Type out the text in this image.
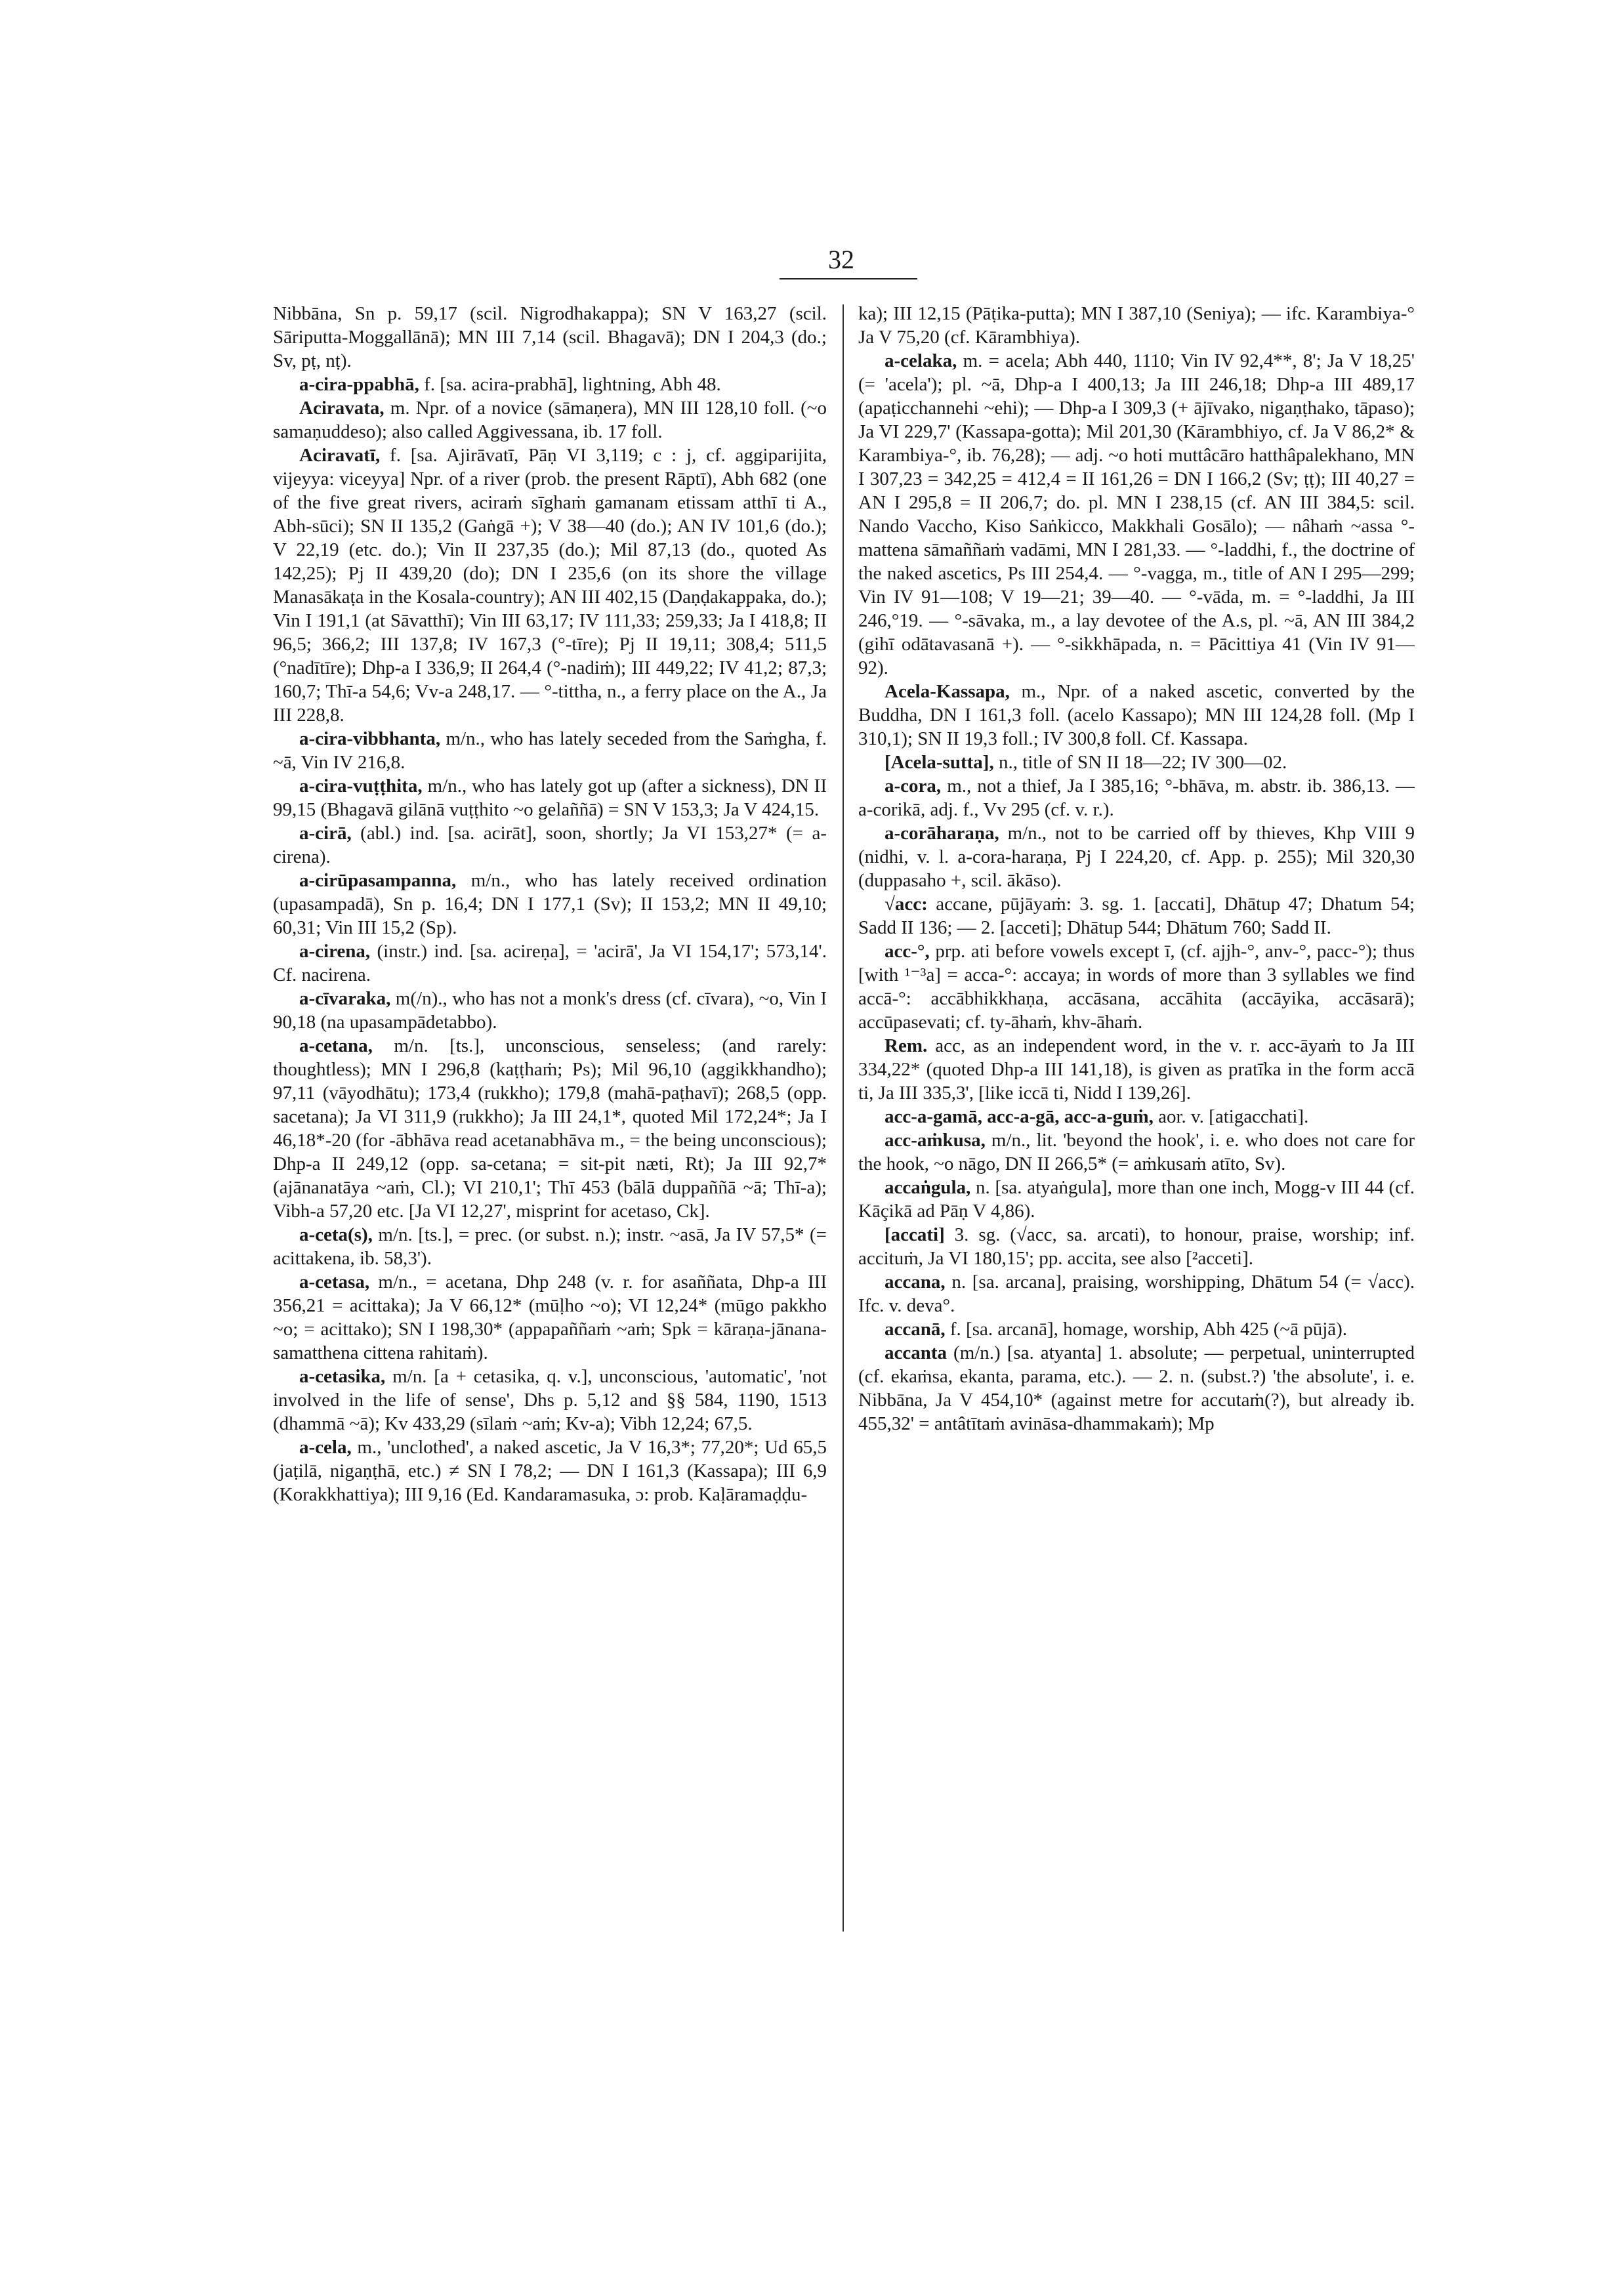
32

Nibbāna, Sn p. 59,17 (scil. Nigrodhakappa); SN V 163,27 (scil. Sāriputta-Moggallānā); MN III 7,14 (scil. Bhagavā); DN I 204,3 (do.; Sv, pṭ, nṭ).

a-cira-ppabhā, f. [sa. acira-prabhā], lightning, Abh 48.

Aciravata, m. Npr. of a novice (sāmaṇera), MN III 128,10 foll. (~o samaṇuddeso); also called Aggivessana, ib. 17 foll.

Aciravatī, f. [sa. Ajirāvatī, Pāṇ VI 3,119; c : j, cf. aggiparijita, vijeyya: viceyya] Npr. of a river (prob. the present Rāptī), Abh 682 (one of the five great rivers, aciraṁ sīghaṁ gamanam etissam atthī ti A., Abh-sūci); SN II 135,2 (Gaṅgā +); V 38—40 (do.); AN IV 101,6 (do.); V 22,19 (etc. do.); Vin II 237,35 (do.); Mil 87,13 (do., quoted As 142,25); Pj II 439,20 (do); DN I 235,6 (on its shore the village Manasākaṭa in the Kosala-country); AN III 402,15 (Daṇḍakappaka, do.); Vin I 191,1 (at Sāvatthī); Vin III 63,17; IV 111,33; 259,33; Ja I 418,8; II 96,5; 366,2; III 137,8; IV 167,3 (°-tīre); Pj II 19,11; 308,4; 511,5 (°nadītīre); Dhp-a I 336,9; II 264,4 (°-nadiṁ); III 449,22; IV 41,2; 87,3; 160,7; Thī-a 54,6; Vv-a 248,17. — °-tittha, n., a ferry place on the A., Ja III 228,8.

a-cira-vibbhanta, m/n., who has lately seceded from the Saṁgha, f. ~ā, Vin IV 216,8.

a-cira-vuṭṭhita, m/n., who has lately got up (after a sickness), DN II 99,15 (Bhagavā gilānā vuṭṭhito ~o gelaññā) = SN V 153,3; Ja V 424,15.

a-cirā, (abl.) ind. [sa. acirāt], soon, shortly; Ja VI 153,27* (= a-cirena).

a-cirūpasampanna, m/n., who has lately received ordination (upasampadā), Sn p. 16,4; DN I 177,1 (Sv); II 153,2; MN II 49,10; 60,31; Vin III 15,2 (Sp).

a-cirena, (instr.) ind. [sa. acireṇa], = 'acirā', Ja VI 154,17'; 573,14'. Cf. nacirena.

a-cīvaraka, m(/n)., who has not a monk's dress (cf. cīvara), ~o, Vin I 90,18 (na upasampādetabbo).

a-cetana, m/n. [ts.], unconscious, senseless; (and rarely: thoughtless); MN I 296,8 (kaṭṭhaṁ; Ps); Mil 96,10 (aggikkhandho); 97,11 (vāyodhātu); 173,4 (rukkho); 179,8 (mahā-paṭhavī); 268,5 (opp. sacetana); Ja VI 311,9 (rukkho); Ja III 24,1*, quoted Mil 172,24*; Ja I 46,18*-20 (for -ābhāva read acetanabhāva m., = the being unconscious); Dhp-a II 249,12 (opp. sa-cetana; = sit-pit næti, Rt); Ja III 92,7* (ajānanatāya ~aṁ, Cl.); VI 210,1'; Thī 453 (bālā duppaññā ~ā; Thī-a); Vibh-a 57,20 etc. [Ja VI 12,27', misprint for acetaso, Ck].

a-ceta(s), m/n. [ts.], = prec. (or subst. n.); instr. ~asā, Ja IV 57,5* (= acittakena, ib. 58,3').

a-cetasa, m/n., = acetana, Dhp 248 (v. r. for asaññata, Dhp-a III 356,21 = acittaka); Ja V 66,12* (mūḷho ~o); VI 12,24* (mūgo pakkho ~o; = acittako); SN I 198,30* (appapaññaṁ ~aṁ; Spk = kāraṇa-jānana-samatthena cittena rahitaṁ).

a-cetasika, m/n. [a + cetasika, q. v.], unconscious, 'automatic', 'not involved in the life of sense', Dhs p. 5,12 and §§ 584, 1190, 1513 (dhammā ~ā); Kv 433,29 (sīlaṁ ~aṁ; Kv-a); Vibh 12,24; 67,5.

a-cela, m., 'unclothed', a naked ascetic, Ja V 16,3*; 77,20*; Ud 65,5 (jaṭilā, nigaṇṭhā, etc.) ≠ SN I 78,2; — DN I 161,3 (Kassapa); III 6,9 (Korakkhattiya); III 9,16 (Ed. Kandaramasuka, ɔ: prob. Kaḷāramaḍḍu-

ka); III 12,15 (Pāṭika-putta); MN I 387,10 (Seniya); — ifc. Karambiya-° Ja V 75,20 (cf. Kārambhiya).

a-celaka, m. = acela; Abh 440, 1110; Vin IV 92,4**, 8'; Ja V 18,25' (= 'acela'); pl. ~ā, Dhp-a I 400,13; Ja III 246,18; Dhp-a III 489,17 (apaṭicchannehi ~ehi); — Dhp-a I 309,3 (+ ājīvako, nigaṇṭhako, tāpaso); Ja VI 229,7' (Kassapa-gotta); Mil 201,30 (Kārambhiyo, cf. Ja V 86,2* & Karambiya-°, ib. 76,28); — adj. ~o hoti muttâcāro hatthâpalekhano, MN I 307,23 = 342,25 = 412,4 = II 161,26 = DN I 166,2 (Sv; ṭṭ); III 40,27 = AN I 295,8 = II 206,7; do. pl. MN I 238,15 (cf. AN III 384,5: scil. Nando Vaccho, Kiso Saṅkicco, Makkhali Gosālo); — nâhaṁ ~assa °-mattena sāmaññaṁ vadāmi, MN I 281,33. — °-laddhi, f., the doctrine of the naked ascetics, Ps III 254,4. — °-vagga, m., title of AN I 295—299; Vin IV 91—108; V 19—21; 39—40. — °-vāda, m. = °-laddhi, Ja III 246,°19. — °-sāvaka, m., a lay devotee of the A.s, pl. ~ā, AN III 384,2 (gihī odātavasanā +). — °-sikkhāpada, n. = Pācittiya 41 (Vin IV 91—92).

Acela-Kassapa, m., Npr. of a naked ascetic, converted by the Buddha, DN I 161,3 foll. (acelo Kassapo); MN III 124,28 foll. (Mp I 310,1); SN II 19,3 foll.; IV 300,8 foll. Cf. Kassapa.

[Acela-sutta], n., title of SN II 18—22; IV 300—02.

a-cora, m., not a thief, Ja I 385,16; °-bhāva, m. abstr. ib. 386,13. — a-corikā, adj. f., Vv 295 (cf. v. r.).

a-corāharaṇa, m/n., not to be carried off by thieves, Khp VIII 9 (nidhi, v. l. a-cora-haraṇa, Pj I 224,20, cf. App. p. 255); Mil 320,30 (duppasaho +, scil. ākāso).

√acc: accane, pūjāyaṁ: 3. sg. 1. [accati], Dhātup 47; Dhatum 54; Sadd II 136; — 2. [acceti]; Dhātup 544; Dhātum 760; Sadd II.

acc-°, prp. ati before vowels except ī, (cf. ajjh-°, anv-°, pacc-°); thus [with ¹⁻³a] = acca-°: accaya; in words of more than 3 syllables we find accā-°: accābhikkhaṇa, accāsana, accāhita (accāyika, accāsarā); accūpasevati; cf. ty-āhaṁ, khv-āhaṁ.

Rem. acc, as an independent word, in the v. r. acc-āyaṁ to Ja III 334,22* (quoted Dhp-a III 141,18), is given as pratīka in the form accā ti, Ja III 335,3', [like iccā ti, Nidd I 139,26].

acc-a-gamā, acc-a-gā, acc-a-guṁ, aor. v. [atigacchati].

acc-aṁkusa, m/n., lit. 'beyond the hook', i. e. who does not care for the hook, ~o nāgo, DN II 266,5* (= aṁkusaṁ atīto, Sv).

accaṅgula, n. [sa. atyaṅgula], more than one inch, Mogg-v III 44 (cf. Kāçikā ad Pāṇ V 4,86).

[accati] 3. sg. (√acc, sa. arcati), to honour, praise, worship; inf. accituṁ, Ja VI 180,15'; pp. accita, see also [²acceti].

accana, n. [sa. arcana], praising, worshipping, Dhātum 54 (= √acc). Ifc. v. deva°.

accanā, f. [sa. arcanā], homage, worship, Abh 425 (~ā pūjā).

accanta (m/n.) [sa. atyanta] 1. absolute; — perpetual, uninterrupted (cf. ekaṁsa, ekanta, parama, etc.). — 2. n. (subst.?) 'the absolute', i. e. Nibbāna, Ja V 454,10* (against metre for accutaṁ(?), but already ib. 455,32' = antâtītaṁ avināsa-dhammakaṁ); Mp
